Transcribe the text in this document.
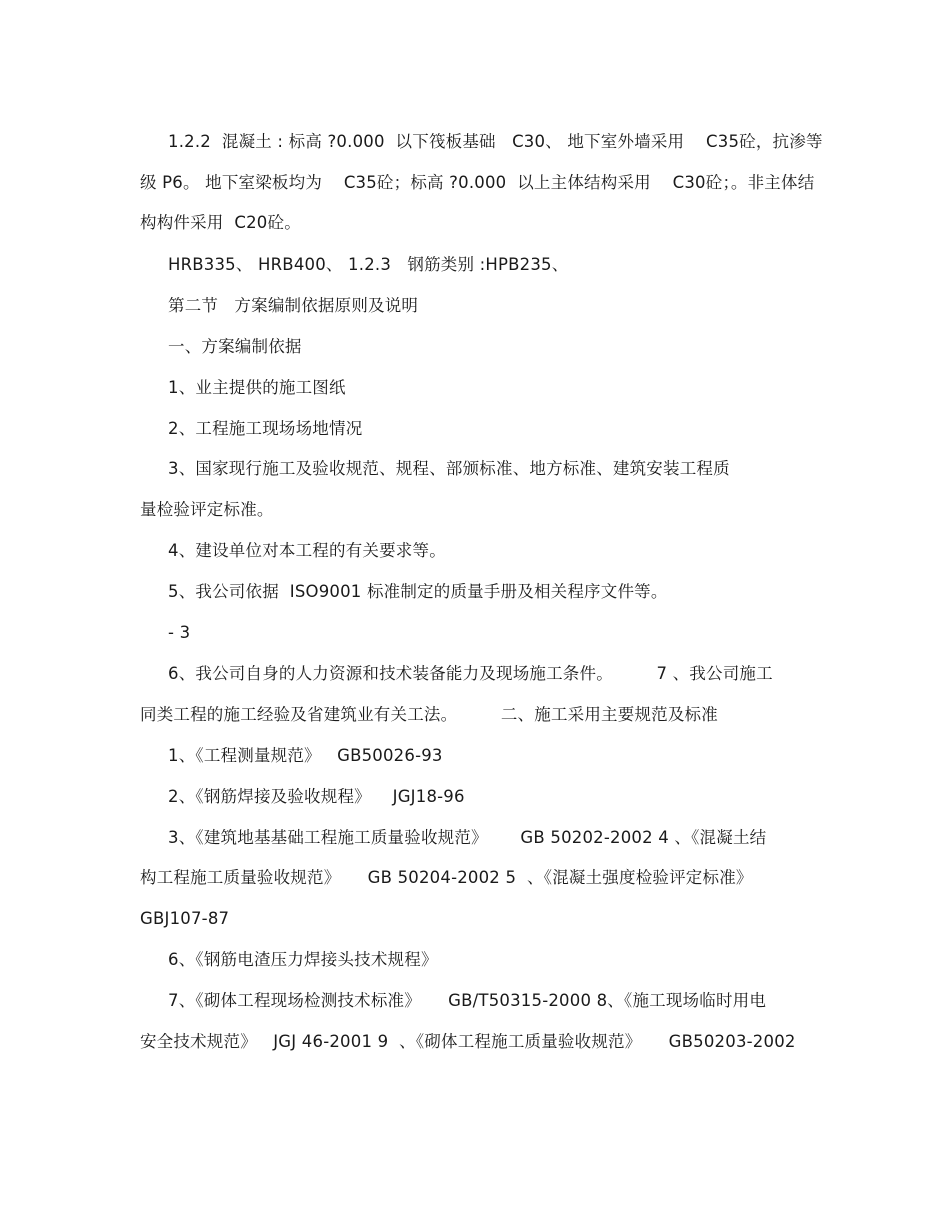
1.2.2  混凝土 : 标高 ?0.000  以下筏板基础   C30、 地下室外墙采用    C35砼，抗渗等
级 P6。 地下室梁板均为    C35砼；标高 ?0.000  以上主体结构采用    C30砼；。非主体结
构构件采用  C20砼。
HRB335、 HRB400、 1.2.3   钢筋类别 :HPB235、
第二节   方案编制依据原则及说明
一、方案编制依据
1、业主提供的施工图纸
2、工程施工现场场地情况
3、国家现行施工及验收规范、规程、部颁标准、地方标准、建筑安装工程质
量检验评定标准。
4、建设单位对本工程的有关要求等。
5、我公司依据  ISO9001 标准制定的质量手册及相关程序文件等。
- 3
6、我公司自身的人力资源和技术装备能力及现场施工条件。        7 、我公司施工
同类工程的施工经验及省建筑业有关工法。        二、施工采用主要规范及标准
1、《工程测量规范》   GB50026-93
2、《钢筋焊接及验收规程》    JGJ18-96
3、《建筑地基基础工程施工质量验收规范》      GB 50202-2002 4 、《混凝土结
构工程施工质量验收规范》     GB 50204-2002 5  、《混凝土强度检验评定标准》
GBJ107-87
6、《钢筋电渣压力焊接头技术规程》
7、《砌体工程现场检测技术标准》     GB/T50315-2000 8、《施工现场临时用电
安全技术规范》   JGJ 46-2001 9  、《砌体工程施工质量验收规范》     GB50203-2002
